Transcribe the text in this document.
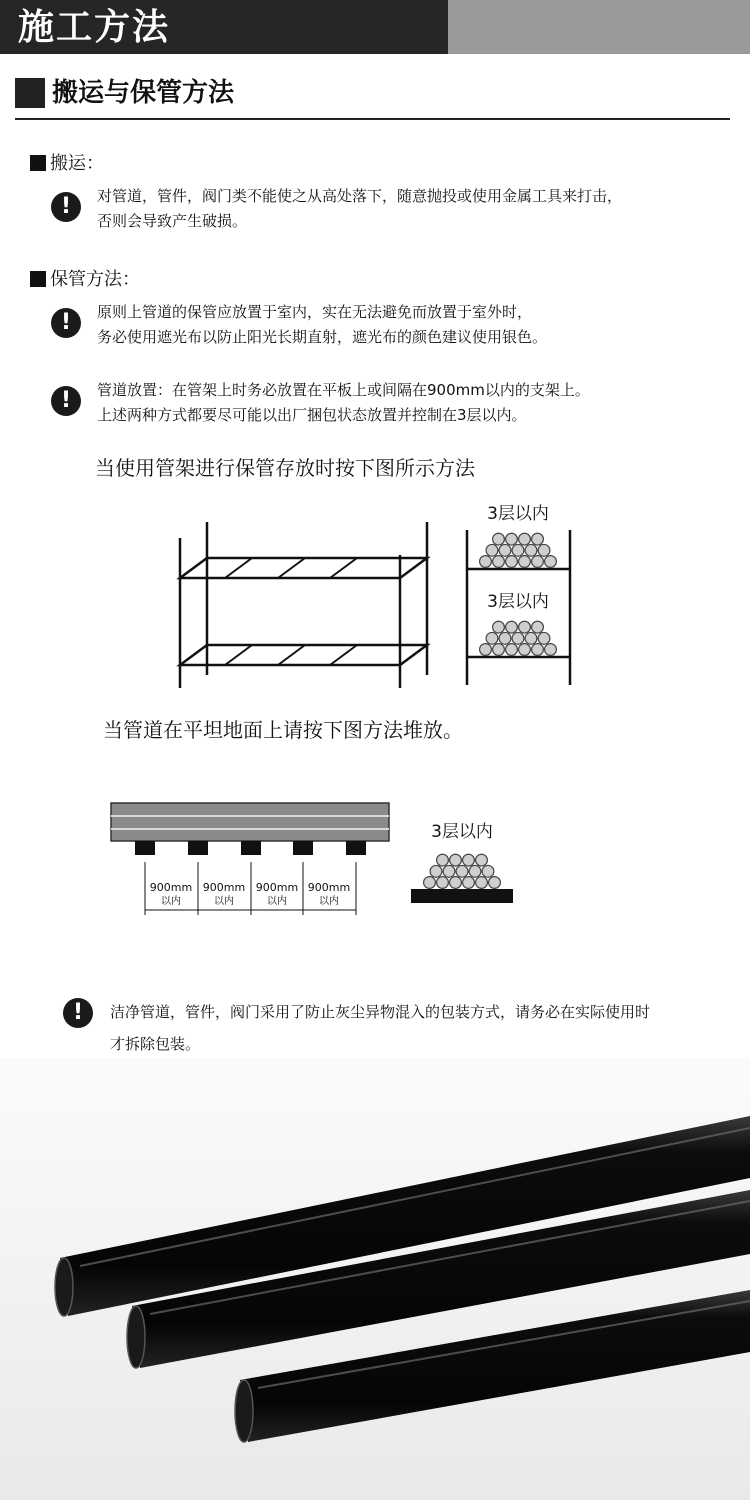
施工方法
搬运与保管方法
搬运：
!	对管道，管件，阀门类不能使之从高处落下，随意抛投或使用金属工具来打击，
否则会导致产生破损。
保管方法：
!	原则上管道的保管应放置于室内，实在无法避免而放置于室外时，
务必使用遮光布以防止阳光长期直射，遮光布的颜色建议使用银色。
!	管道放置：在管架上时务必放置在平板上或间隔在900mm以内的支架上。
上述两种方式都要尽可能以出厂捆包状态放置并控制在3层以内。
当使用管架进行保管存放时按下图所示方法
3层以内
3层以内
当管道在平坦地面上请按下图方法堆放。
900mm
以内
900mm
以内
900mm
以内
900mm
以内
3层以内
!	洁净管道，管件，阀门采用了防止灰尘异物混入的包装方式，请务必在实际使用时
才拆除包装。
